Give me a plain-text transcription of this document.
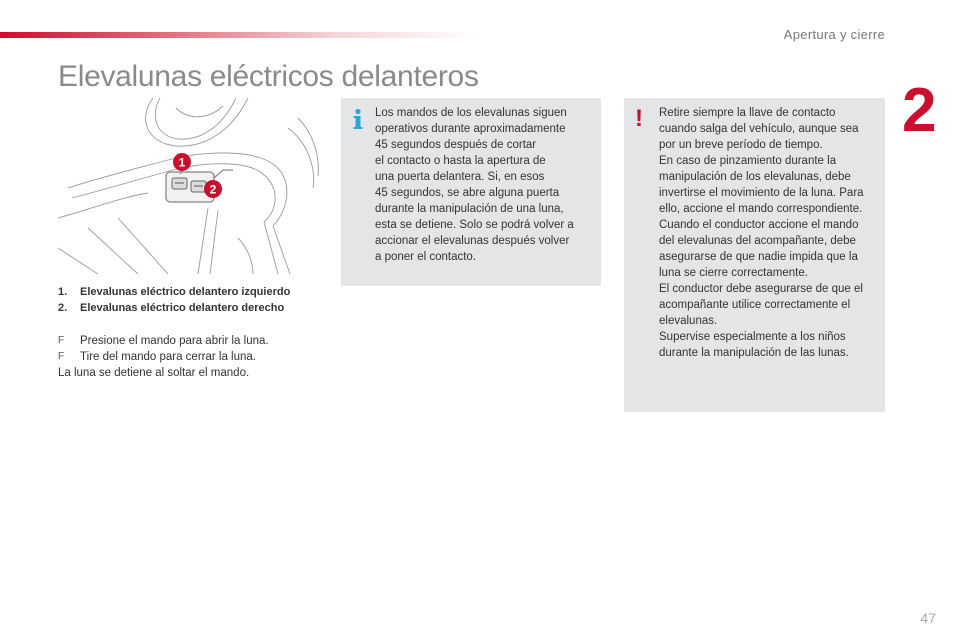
Apertura y cierre
2
Elevalunas eléctricos delanteros
1
2
1.	Elevalunas eléctrico delantero izquierdo
2.	Elevalunas eléctrico delantero derecho
F	Presione el mando para abrir la luna.
F	Tire del mando para cerrar la luna.
La luna se detiene al soltar el mando.
Los mandos de los elevalunas siguen
operativos durante aproximadamente
45 segundos después de cortar
el contacto o hasta la apertura de
una puerta delantera. Si, en esos
45 segundos, se abre alguna puerta
durante la manipulación de una luna,
esta se detiene. Solo se podrá volver a
accionar el elevalunas después volver
a poner el contacto.
! Retire siempre la llave de contacto
cuando salga del vehículo, aunque sea
por un breve período de tiempo.
En caso de pinzamiento durante la
manipulación de los elevalunas, debe
invertirse el movimiento de la luna. Para
ello, accione el mando correspondiente.
Cuando el conductor accione el mando
del elevalunas del acompañante, debe
asegurarse de que nadie impida que la
luna se cierre correctamente.
El conductor debe asegurarse de que el
acompañante utilice correctamente el
elevalunas.
Supervise especialmente a los niños
durante la manipulación de las lunas.
47
